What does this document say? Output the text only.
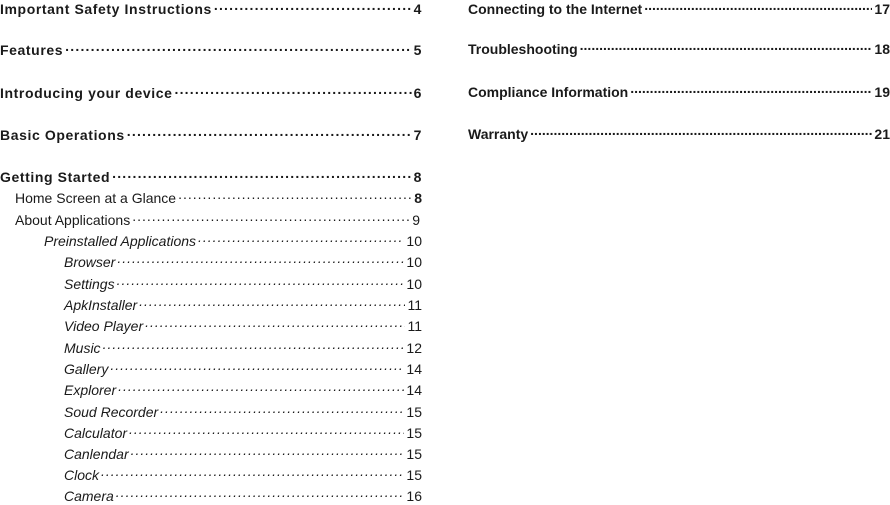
Important Safety Instructions .....	4
Features .....	5
Introducing your device .....	6
Basic Operations .....	7
Getting Started .....	8
Home Screen at a Glance .....	8
About Applications .....	9
Preinstalled Applications .....	10
Browser .....	10
Settings .....	10
ApkInstaller .....	11
Video Player .....	11
Music .....	12
Gallery .....	14
Explorer .....	14
Soud Recorder .....	15
Calculator .....	15
Canlendar .....	15
Clock .....	15
Camera .....	16
Connecting to the Internet .....	17
Troubleshooting .....	18
Compliance Information .....	19
Warranty .....	21
